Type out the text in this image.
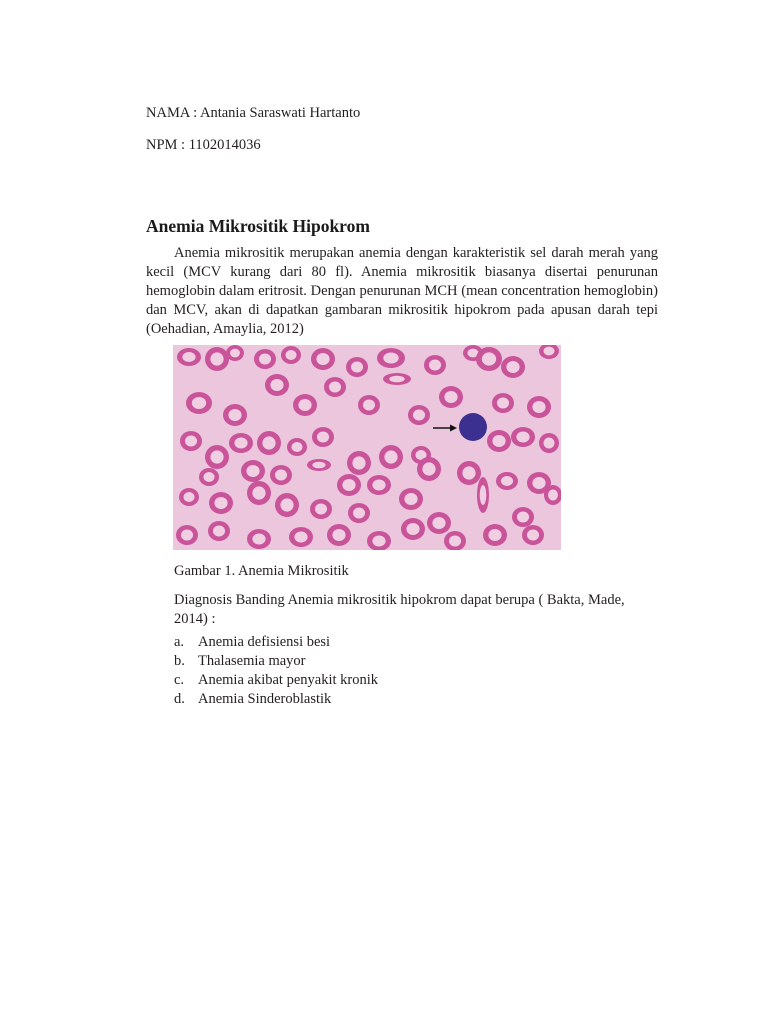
NAMA : Antania Saraswati Hartanto
NPM : 1102014036
Anemia Mikrositik Hipokrom

Anemia mikrositik merupakan anemia dengan karakteristik sel darah merah yang kecil (MCV kurang dari 80 fl). Anemia mikrositik biasanya disertai penurunan hemoglobin dalam eritrosit. Dengan penurunan MCH (mean concentration hemoglobin) dan MCV, akan di dapatkan gambaran mikrositik hipokrom pada apusan darah tepi (Oehadian, Amaylia, 2012)

Gambar 1. Anemia Mikrositik

Diagnosis Banding Anemia mikrositik hipokrom dapat berupa ( Bakta, Made, 2014) :

a. Anemia defisiensi besi
b. Thalasemia mayor
c. Anemia akibat penyakit kronik
d. Anemia Sinderoblastik
